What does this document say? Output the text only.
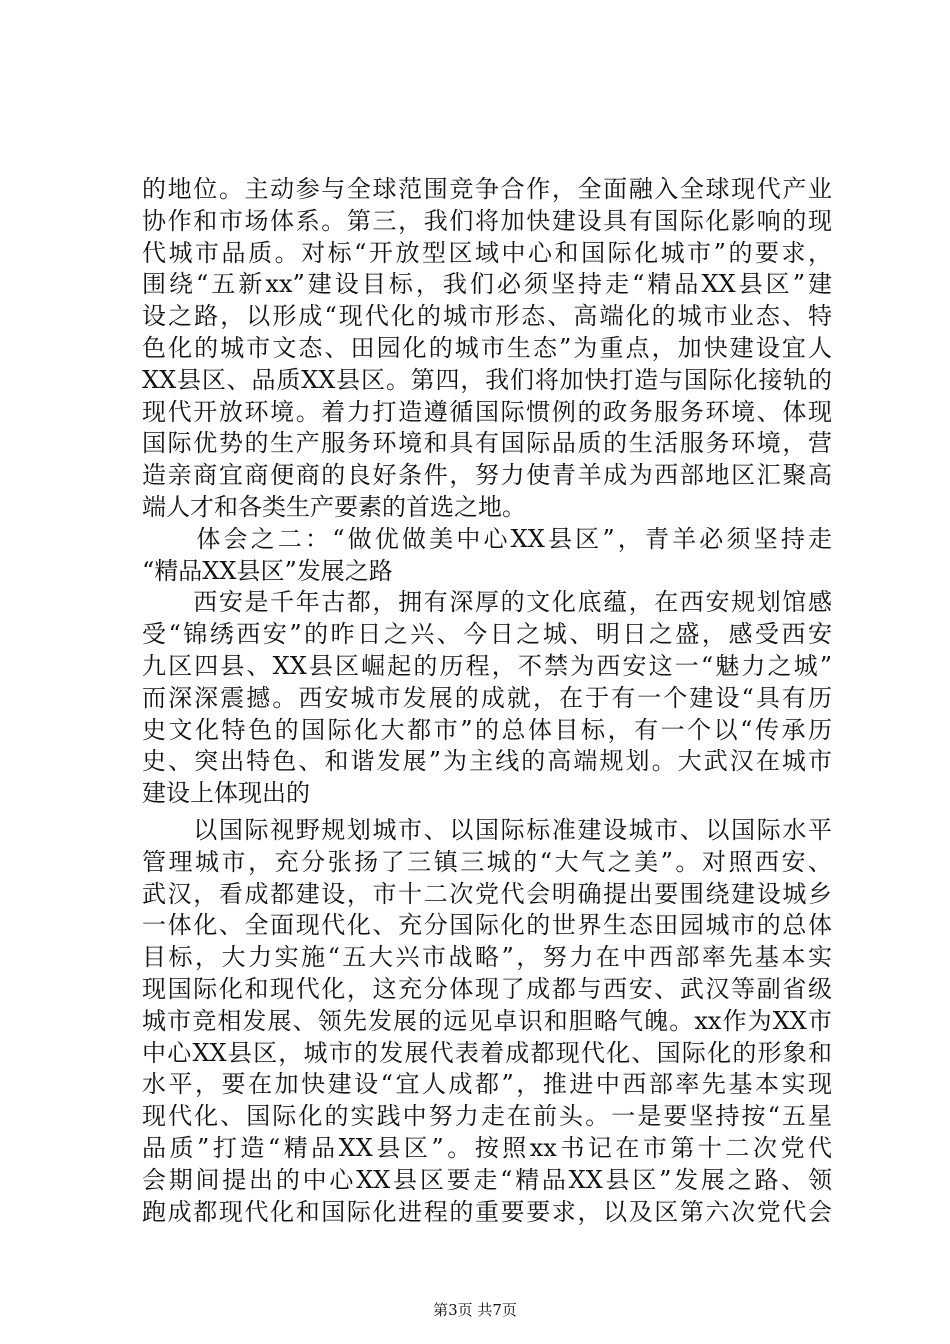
的地位。主动参与全球范围竞争合作，全面融入全球现代产业
协作和市场体系。第三，我们将加快建设具有国际化影响的现
代城市品质。对标“开放型区域中心和国际化城市”的要求，
围绕“五新xx”建设目标，我们必须坚持走“精品XX县区”建
设之路，以形成“现代化的城市形态、高端化的城市业态、特
色化的城市文态、田园化的城市生态”为重点，加快建设宜人
XX县区、品质XX县区。第四，我们将加快打造与国际化接轨的
现代开放环境。着力打造遵循国际惯例的政务服务环境、体现
国际优势的生产服务环境和具有国际品质的生活服务环境，营
造亲商宜商便商的良好条件，努力使青羊成为西部地区汇聚高
端人才和各类生产要素的首选之地。
　　体会之二：“做优做美中心XX县区”，青羊必须坚持走
“精品XX县区”发展之路
　　西安是千年古都，拥有深厚的文化底蕴，在西安规划馆感
受“锦绣西安”的昨日之兴、今日之城、明日之盛，感受西安
九区四县、XX县区崛起的历程，不禁为西安这一“魅力之城”
而深深震撼。西安城市发展的成就，在于有一个建设“具有历
史文化特色的国际化大都市”的总体目标，有一个以“传承历
史、突出特色、和谐发展”为主线的高端规划。大武汉在城市
建设上体现出的
　　以国际视野规划城市、以国际标准建设城市、以国际水平
管理城市，充分张扬了三镇三城的“大气之美”。对照西安、
武汉，看成都建设，市十二次党代会明确提出要围绕建设城乡
一体化、全面现代化、充分国际化的世界生态田园城市的总体
目标，大力实施“五大兴市战略”，努力在中西部率先基本实
现国际化和现代化，这充分体现了成都与西安、武汉等副省级
城市竞相发展、领先发展的远见卓识和胆略气魄。xx作为XX市
中心XX县区，城市的发展代表着成都现代化、国际化的形象和
水平，要在加快建设“宜人成都”，推进中西部率先基本实现
现代化、国际化的实践中努力走在前头。一是要坚持按“五星
品质”打造“精品XX县区”。按照xx书记在市第十二次党代
会期间提出的中心XX县区要走“精品XX县区”发展之路、领
跑成都现代化和国际化进程的重要要求，以及区第六次党代会
第3页 共7页
